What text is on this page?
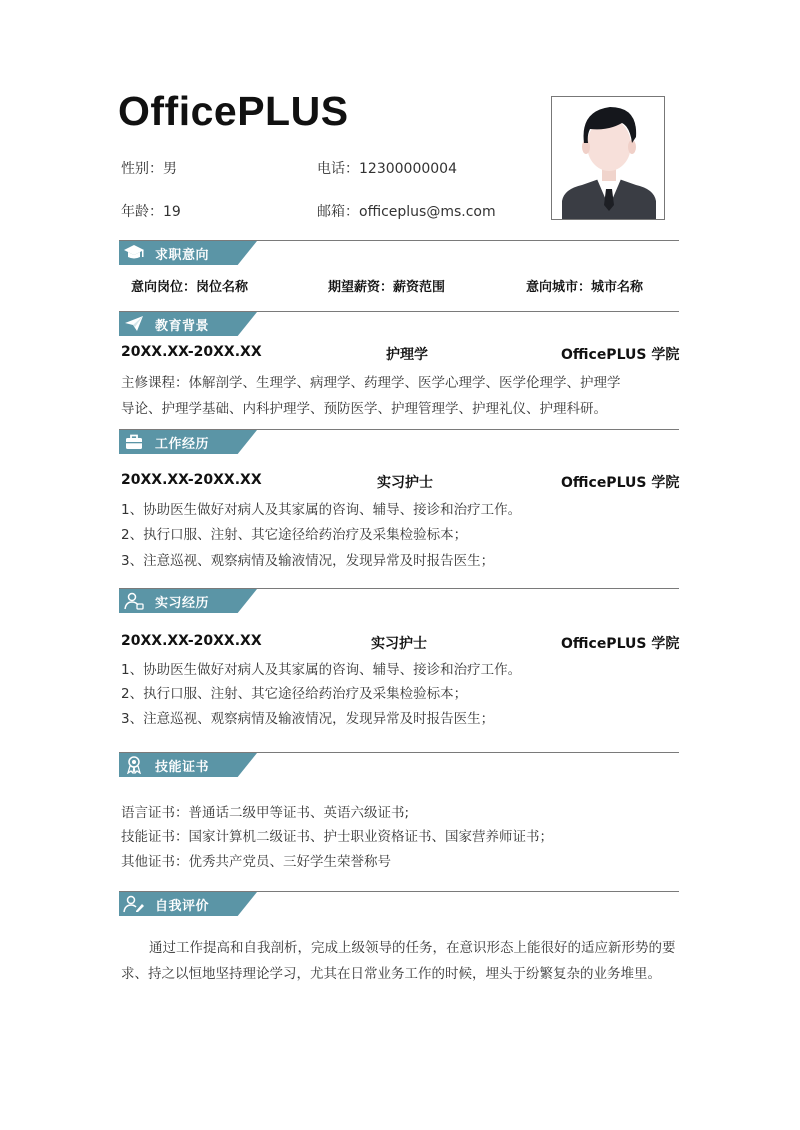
OfficePLUS
性别：男	电话：12300000004
年龄：19	邮箱：officeplus@ms.com
求职意向
意向岗位：岗位名称	期望薪资：薪资范围	意向城市：城市名称
教育背景
20XX.XX-20XX.XX	护理学	OfficePLUS 学院
主修课程：体解剖学、生理学、病理学、药理学、医学心理学、医学伦理学、护理学
导论、护理学基础、内科护理学、预防医学、护理管理学、护理礼仪、护理科研。
工作经历
20XX.XX-20XX.XX	实习护士	OfficePLUS 学院
1、协助医生做好对病人及其家属的咨询、辅导、接诊和治疗工作。
2、执行口服、注射、其它途径给药治疗及采集检验标本；
3、注意巡视、观察病情及输液情况，发现异常及时报告医生；
实习经历
20XX.XX-20XX.XX	实习护士	OfficePLUS 学院
1、协助医生做好对病人及其家属的咨询、辅导、接诊和治疗工作。
2、执行口服、注射、其它途径给药治疗及采集检验标本；
3、注意巡视、观察病情及输液情况，发现异常及时报告医生；
技能证书
语言证书：普通话二级甲等证书、英语六级证书;
技能证书：国家计算机二级证书、护士职业资格证书、国家营养师证书；
其他证书：优秀共产党员、三好学生荣誉称号
自我评价
通过工作提高和自我剖析，完成上级领导的任务，在意识形态上能很好的适应新形势的要求、持之以恒地坚持理论学习，尤其在日常业务工作的时候，埋头于纷繁复杂的业务堆里。
